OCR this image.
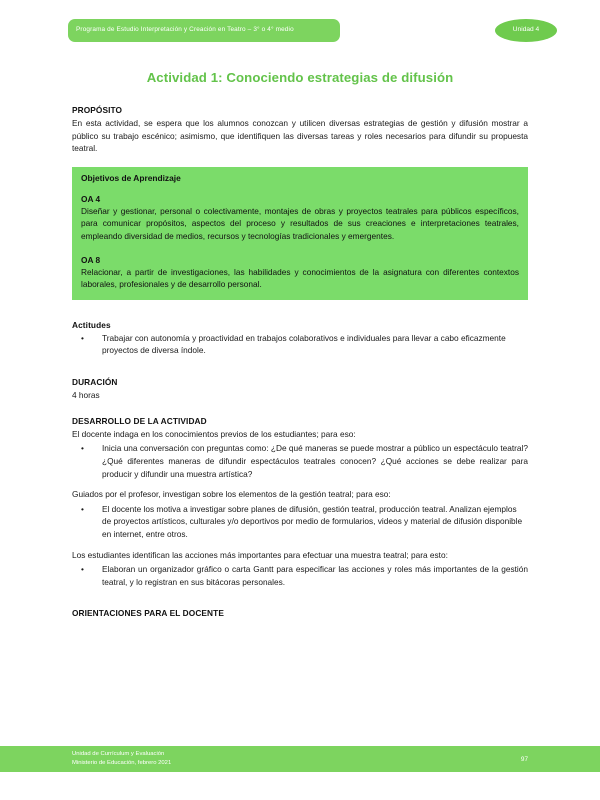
Programa de Estudio Interpretación y Creación en Teatro – 3° o 4° medio	Unidad 4
Actividad 1: Conociendo estrategias de difusión
PROPÓSITO

En esta actividad, se espera que los alumnos conozcan y utilicen diversas estrategias de gestión y difusión mostrar a público su trabajo escénico; asimismo, que identifiquen las diversas tareas y roles necesarios para difundir su propuesta teatral.

Objetivos de Aprendizaje
OA 4

Diseñar y gestionar, personal o colectivamente, montajes de obras y proyectos teatrales para públicos específicos, para comunicar propósitos, aspectos del proceso y resultados de sus creaciones e interpretaciones teatrales, empleando diversidad de medios, recursos y tecnologías tradicionales y emergentes.

OA 8

Relacionar, a partir de investigaciones, las habilidades y conocimientos de la asignatura con diferentes contextos laborales, profesionales y de desarrollo personal.

Actitudes
•	Trabajar con autonomía y proactividad en trabajos colaborativos e individuales para llevar a cabo eficazmente proyectos de diversa índole.
DURACIÓN

4 horas

DESARROLLO DE LA ACTIVIDAD

El docente indaga en los conocimientos previos de los estudiantes; para eso:

•	Inicia una conversación con preguntas como: ¿De qué maneras se puede mostrar a público un espectáculo teatral? ¿Qué diferentes maneras de difundir espectáculos teatrales conocen? ¿Qué acciones se debe realizar para producir y difundir una muestra artística?

Guiados por el profesor, investigan sobre los elementos de la gestión teatral; para eso:

•	El docente los motiva a investigar sobre planes de difusión, gestión teatral, producción teatral. Analizan ejemplos de proyectos artísticos, culturales y/o deportivos por medio de formularios, videos y material de difusión disponible en internet, entre otros.

Los estudiantes identifican las acciones más importantes para efectuar una muestra teatral; para esto:

•	Elaboran un organizador gráfico o carta Gantt para especificar las acciones y roles más importantes de la gestión teatral, y lo registran en sus bitácoras personales.
ORIENTACIONES PARA EL DOCENTE
Unidad de Currículum y Evaluación
Ministerio de Educación, febrero 2021
97
